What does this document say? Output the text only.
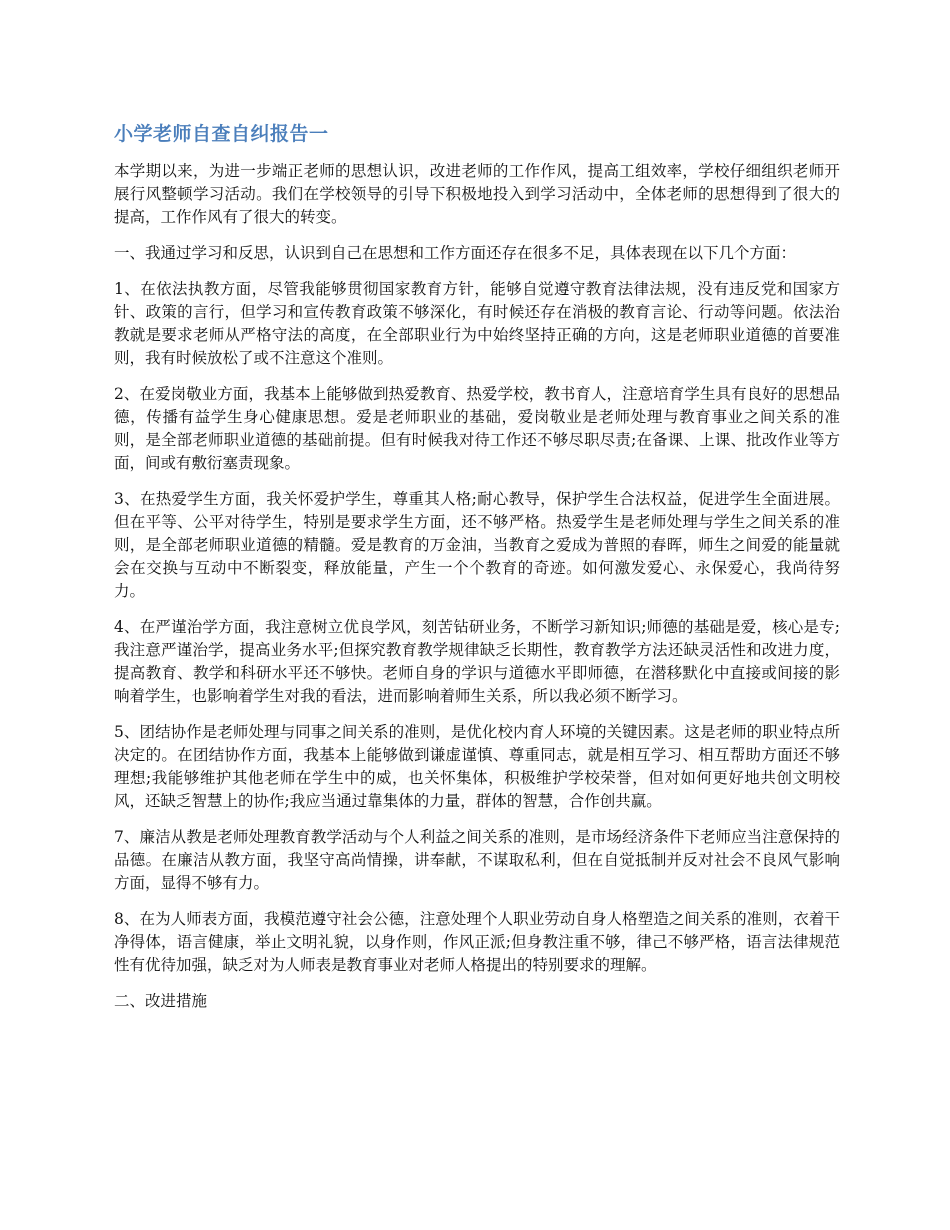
小学老师自查自纠报告一

本学期以来，为进一步端正老师的思想认识，改进老师的工作作风，提高工组效率，学校仔细组织老师开展行风整顿学习活动。我们在学校领导的引导下积极地投入到学习活动中，全体老师的思想得到了很大的提高，工作作风有了很大的转变。

一、我通过学习和反思，认识到自己在思想和工作方面还存在很多不足，具体表现在以下几个方面：

1、在依法执教方面，尽管我能够贯彻国家教育方针，能够自觉遵守教育法律法规，没有违反党和国家方针、政策的言行，但学习和宣传教育政策不够深化，有时候还存在消极的教育言论、行动等问题。依法治教就是要求老师从严格守法的高度，在全部职业行为中始终坚持正确的方向，这是老师职业道德的首要准则，我有时候放松了或不注意这个准则。

2、在爱岗敬业方面，我基本上能够做到热爱教育、热爱学校，教书育人，注意培育学生具有良好的思想品德，传播有益学生身心健康思想。爱是老师职业的基础，爱岗敬业是老师处理与教育事业之间关系的准则，是全部老师职业道德的基础前提。但有时候我对待工作还不够尽职尽责;在备课、上课、批改作业等方面，间或有敷衍塞责现象。

3、在热爱学生方面，我关怀爱护学生，尊重其人格;耐心教导，保护学生合法权益，促进学生全面进展。但在平等、公平对待学生，特别是要求学生方面，还不够严格。热爱学生是老师处理与学生之间关系的准则，是全部老师职业道德的精髓。爱是教育的万金油，当教育之爱成为普照的春晖，师生之间爱的能量就会在交换与互动中不断裂变，释放能量，产生一个个教育的奇迹。如何激发爱心、永保爱心，我尚待努力。

4、在严谨治学方面，我注意树立优良学风，刻苦钻研业务，不断学习新知识;师德的基础是爱，核心是专;我注意严谨治学，提高业务水平;但探究教育教学规律缺乏长期性，教育教学方法还缺灵活性和改进力度，提高教育、教学和科研水平还不够快。老师自身的学识与道德水平即师德，在潜移默化中直接或间接的影响着学生，也影响着学生对我的看法，进而影响着师生关系，所以我必须不断学习。

5、团结协作是老师处理与同事之间关系的准则，是优化校内育人环境的关键因素。这是老师的职业特点所决定的。在团结协作方面，我基本上能够做到谦虚谨慎、尊重同志，就是相互学习、相互帮助方面还不够理想;我能够维护其他老师在学生中的威，也关怀集体，积极维护学校荣誉，但对如何更好地共创文明校风，还缺乏智慧上的协作;我应当通过靠集体的力量，群体的智慧，合作创共赢。

7、廉洁从教是老师处理教育教学活动与个人利益之间关系的准则，是市场经济条件下老师应当注意保持的品德。在廉洁从教方面，我坚守高尚情操，讲奉献，不谋取私利，但在自觉抵制并反对社会不良风气影响方面，显得不够有力。

8、在为人师表方面，我模范遵守社会公德，注意处理个人职业劳动自身人格塑造之间关系的准则，衣着干净得体，语言健康，举止文明礼貌，以身作则，作风正派;但身教注重不够，律己不够严格，语言法律规范性有优待加强，缺乏对为人师表是教育事业对老师人格提出的特别要求的理解。

二、改进措施
